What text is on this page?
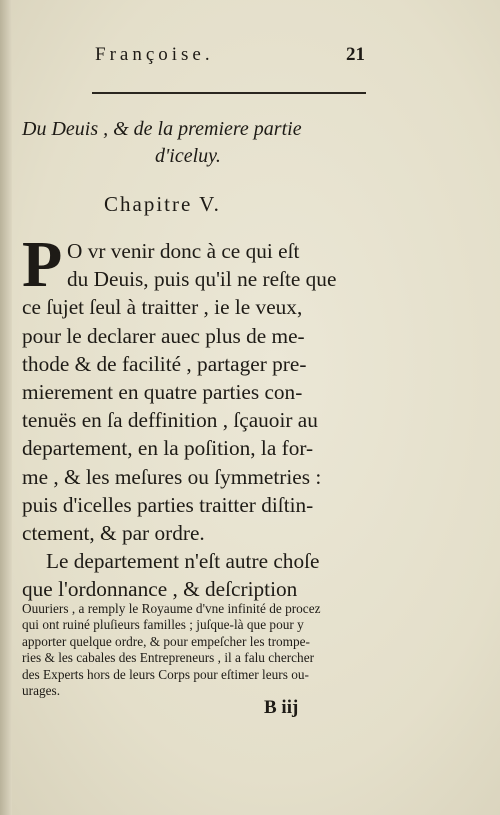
Françoise.	21
Du Deuis , & de la premiere partie
d'iceluy.
Chapitre V.
P O vr venir donc à ce qui eſt
du Deuis, puis qu'il ne reſte que
ce ſujet ſeul à traitter , ie le veux,
pour le declarer auec plus de me-
thode & de facilité , partager pre-
mierement en quatre parties con-
tenuës en ſa deffinition , ſçauoir au
departement, en la poſition, la for-
me , & les meſures ou ſymmetries :
puis d'icelles parties traitter diſtin-
ctement, & par ordre.
Le departement n'eſt autre choſe
que l'ordonnance , & deſcription
Ouuriers , a remply le Royaume d'vne infinité de procez
qui ont ruiné pluſieurs familles ; juſque-là que pour y
apporter quelque ordre, & pour empeſcher les trompe-
ries & les cabales des Entrepreneurs , il a falu chercher
des Experts hors de leurs Corps pour eſtimer leurs ou-
urages.
B iij
